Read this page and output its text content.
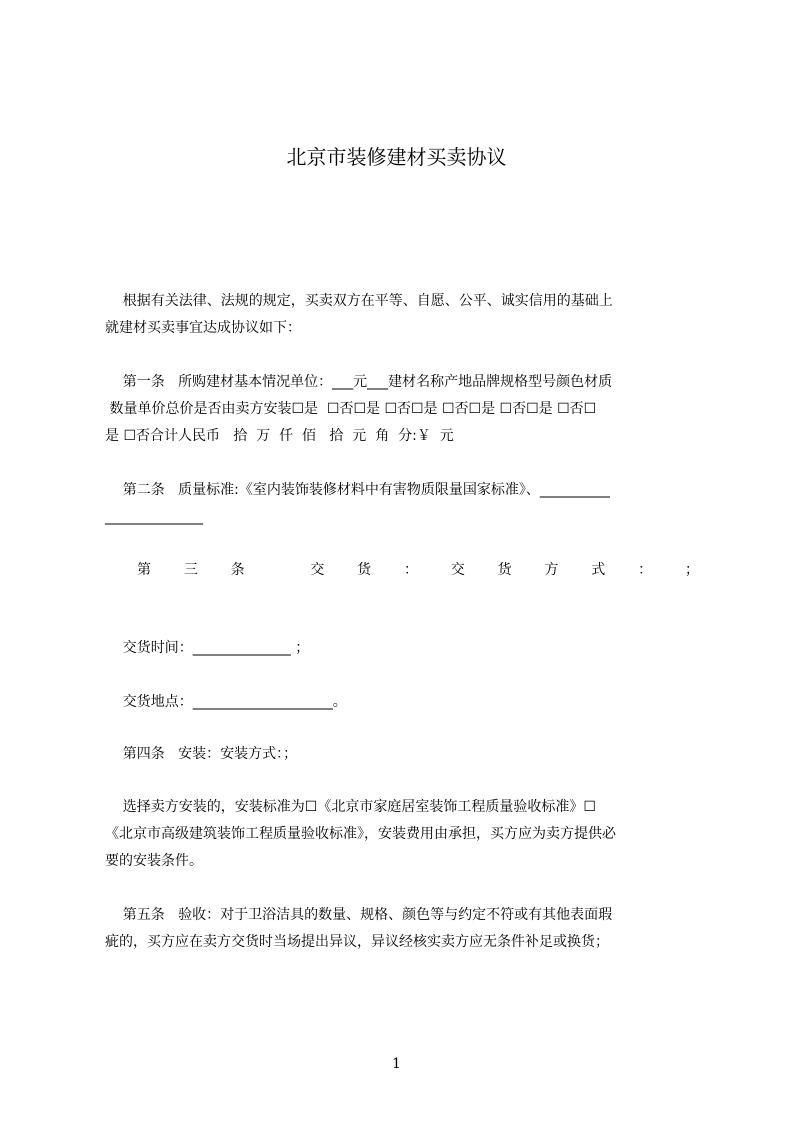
北京市装修建材买卖协议

根据有关法律、法规的规定，买卖双方在平等、自愿、公平、诚实信用的基础上

就建材买卖事宜达成协议如下：

第一条   所购建材基本情况单位：___元___建材名称产地品牌规格型号颜色材质

数量单价总价是否由卖方安装☐是  ☐否☐是 ☐否☐是 ☐否☐是 ☐否☐是 ☐否☐

是 ☐否合计人民币   拾  万  仟  佰   拾  元  角  分:￥  元

第二条   质量标准:《室内装饰装修材料中有害物质限量国家标准》、__________

______________

第 三 条	交 货 ： 交 货 方 式 ： ；

交货时间：______________ ；

交货地点：____________________。

第四条   安装：安装方式：；

选择卖方安装的，安装标准为☐《北京市家庭居室装饰工程质量验收标准》☐

《北京市高级建筑装饰工程质量验收标准》，安装费用由承担，买方应为卖方提供必

要的安装条件。

第五条   验收：对于卫浴洁具的数量、规格、颜色等与约定不符或有其他表面瑕

疵的，买方应在卖方交货时当场提出异议，异议经核实卖方应无条件补足或换货；

1
